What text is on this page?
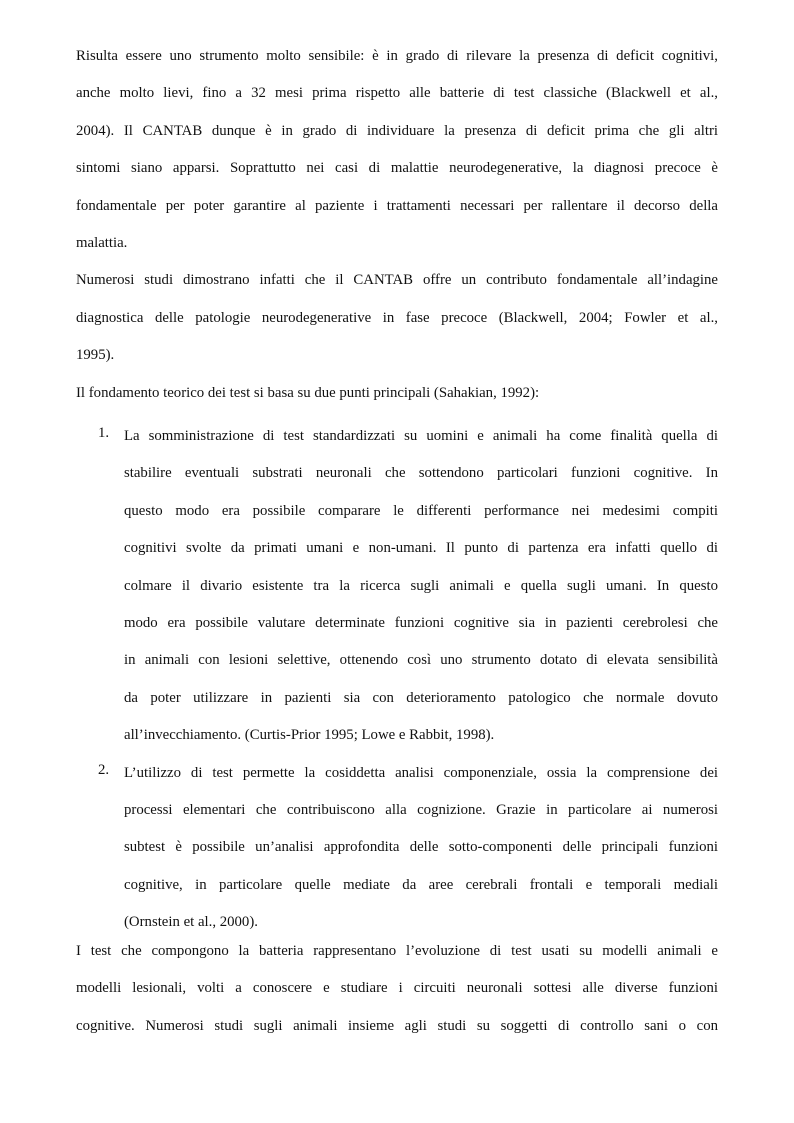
Risulta essere uno strumento molto sensibile: è in grado di rilevare la presenza di deficit cognitivi,
anche molto lievi, fino a 32 mesi prima rispetto alle batterie di test classiche (Blackwell et al.,
2004). Il CANTAB dunque è in grado di individuare la presenza di deficit prima che gli altri
sintomi siano apparsi. Soprattutto nei casi di malattie neurodegenerative, la diagnosi precoce è
fondamentale per poter garantire al paziente i trattamenti necessari per rallentare il decorso della
malattia.
Numerosi studi dimostrano infatti che il CANTAB offre un contributo fondamentale all’indagine
diagnostica delle patologie neurodegenerative in fase precoce (Blackwell, 2004; Fowler et al.,
1995).
Il fondamento teorico dei test si basa su due punti principali (Sahakian, 1992):
1. La somministrazione di test standardizzati su uomini e animali ha come finalità quella di
stabilire eventuali substrati neuronali che sottendono particolari funzioni cognitive. In
questo modo era possibile comparare le differenti performance nei medesimi compiti
cognitivi svolte da primati umani e non-umani. Il punto di partenza era infatti quello di
colmare il divario esistente tra la ricerca sugli animali e quella sugli umani. In questo
modo era possibile valutare determinate funzioni cognitive sia in pazienti cerebrolesi che
in animali con lesioni selettive, ottenendo così uno strumento dotato di elevata sensibilità
da poter utilizzare in pazienti sia con deterioramento patologico che normale dovuto
all’invecchiamento. (Curtis-Prior 1995; Lowe e Rabbit, 1998).
2. L’utilizzo di test permette la cosiddetta analisi componenziale, ossia la comprensione dei
processi elementari che contribuiscono alla cognizione. Grazie in particolare ai numerosi
subtest è possibile un’analisi approfondita delle sotto-componenti delle principali funzioni
cognitive, in particolare quelle mediate da aree cerebrali frontali e temporali mediali
(Ornstein et al., 2000).
I test che compongono la batteria rappresentano l’evoluzione di test usati su modelli animali e
modelli lesionali, volti a conoscere e studiare i circuiti neuronali sottesi alle diverse funzioni
cognitive. Numerosi studi sugli animali insieme agli studi su soggetti di controllo sani o con
